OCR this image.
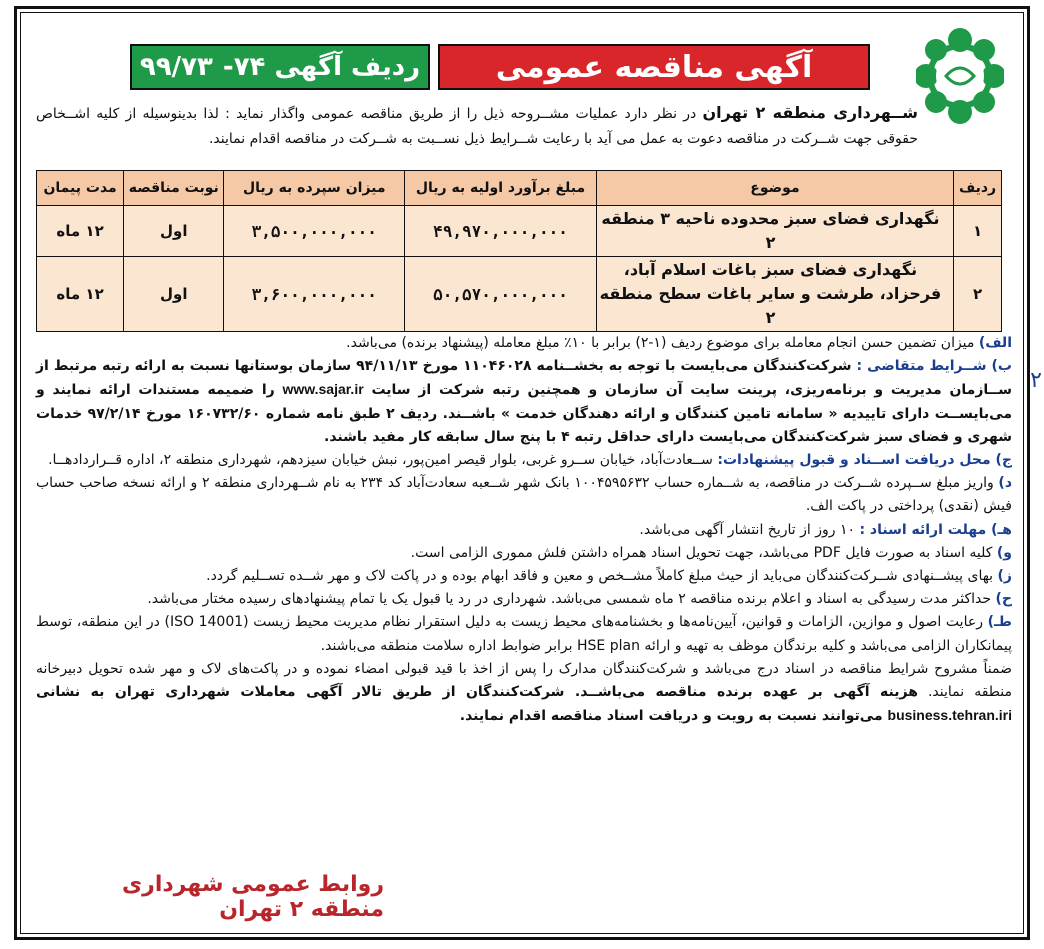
آگهی مناقصه عمومی
ردیف آگهی ۷۴-
۹۹/۷۳
شــهرداری منطقه ۲ تهران در نظر دارد عملیات مشــروحه ذیل را از طریق مناقصه عمومی واگذار نماید : لذا بدینوسیله از کلیه اشــخاص حقوقی جهت شــرکت در مناقصه دعوت به عمل می آید با رعایت شــرایط ذیل نســبت به شــرکت در مناقصه اقدام نمایند.
ردیف	موضوع	مبلغ برآورد اولیه به ریال	میزان سپرده به ریال	نوبت مناقصه	مدت پیمان
۱	نگهداری فضای سبز محدوده ناحیه ۳ منطقه ۲	۴۹,۹۷۰,۰۰۰,۰۰۰	۳,۵۰۰,۰۰۰,۰۰۰	اول	۱۲ ماه
۲	نگهداری فضای سبز باغات اسلام آباد، فرحزاد، طرشت و سایر باغات سطح منطقه ۲	۵۰,۵۷۰,۰۰۰,۰۰۰	۳,۶۰۰,۰۰۰,۰۰۰	اول	۱۲ ماه

الف) میزان تضمین حسن انجام معامله برای موضوع ردیف (۱-۲) برابر با ۱۰٪ مبلغ معامله (پیشنهاد برنده) می‌باشد.

ب) شــرایط متقاضی : شرکت‌کنندگان می‌بایست با توجه به بخشــنامه ۱۱۰۴۶۰۲۸ مورخ ۹۴/۱۱/۱۳ سازمان بوستانها نسبت به ارائه رتبه مرتبط از ســازمان مدیریت و برنامه‌ریزی، پرینت سایت آن سازمان و همچنین رتبه شرکت از سایت www.sajar.ir را ضمیمه مستندات ارائه نمایند و می‌بایســت دارای تاییدیه « سامانه تامین کنندگان و ارائه دهندگان خدمت » باشــند. ردیف ۲ طبق نامه شماره ۱۶۰۷۳۲/۶۰ مورخ ۹۷/۲/۱۴ خدمات شهری و فضای سبز شرکت‌کنندگان می‌بایست دارای حداقل رتبه ۴ با پنج سال سابقه کار مفید باشند.

ج) محل دریافت اســناد و قبول پیشنهادات: ســعادت‌آباد، خیابان ســرو غربی، بلوار قیصر امین‌پور، نبش خیابان سیزدهم، شهرداری منطقه ۲، اداره قــراردادهــا.

د) واریز مبلغ ســپرده شــرکت در مناقصه، به شــماره حساب ۱۰۰۴۵۹۵۶۳۲ بانک شهر شــعبه سعادت‌آباد کد ۲۳۴ به نام شــهرداری منطقه ۲ و ارائه نسخه صاحب حساب فیش (نقدی) پرداختی در پاکت الف.

هـ) مهلت ارائه اسناد : ۱۰ روز از تاریخ انتشار آگهی می‌باشد.

و) کلیه اسناد به صورت فایل PDF می‌باشد، جهت تحویل اسناد همراه داشتن فلش مموری الزامی است.

ز) بهای پیشــنهادی شــرکت‌کنندگان می‌باید از حیث مبلغ کاملاً مشــخص و معین و فاقد ابهام بوده و در پاکت لاک و مهر شــده تســلیم گردد.

ح) حداکثر مدت رسیدگی به اسناد و اعلام برنده مناقصه ۲ ماه شمسی می‌باشد. شهرداری در رد یا قبول یک یا تمام پیشنهادهای رسیده مختار می‌باشد.

طـ) رعایت اصول و موازین، الزامات و قوانین، آیین‌نامه‌ها و بخشنامه‌های محیط زیست به دلیل استقرار نظام مدیریت محیط زیست (ISO 14001) در این منطقه، توسط پیمانکاران الزامی می‌باشد و کلیه برندگان موظف به تهیه و ارائه HSE plan برابر ضوابط اداره سلامت منطقه می‌باشند.

ضمناً مشروح شرایط مناقصه در اسناد درج می‌باشد و شرکت‌کنندگان مدارک را پس از اخذ با قید قبولی امضاء نموده و در پاکت‌های لاک و مهر شده تحویل دبیرخانه منطقه نمایند. هزینه آگهی بر عهده برنده مناقصه می‌باشــد. شرکت‌کنندگان از طریق تالار آگهی معاملات شهرداری تهران به نشانی business.tehran.iri می‌توانند نسبت به رویت و دریافت اسناد مناقصه اقدام نمایند.

روابط عمومی شهرداری منطقه ۲ تهران
۲
